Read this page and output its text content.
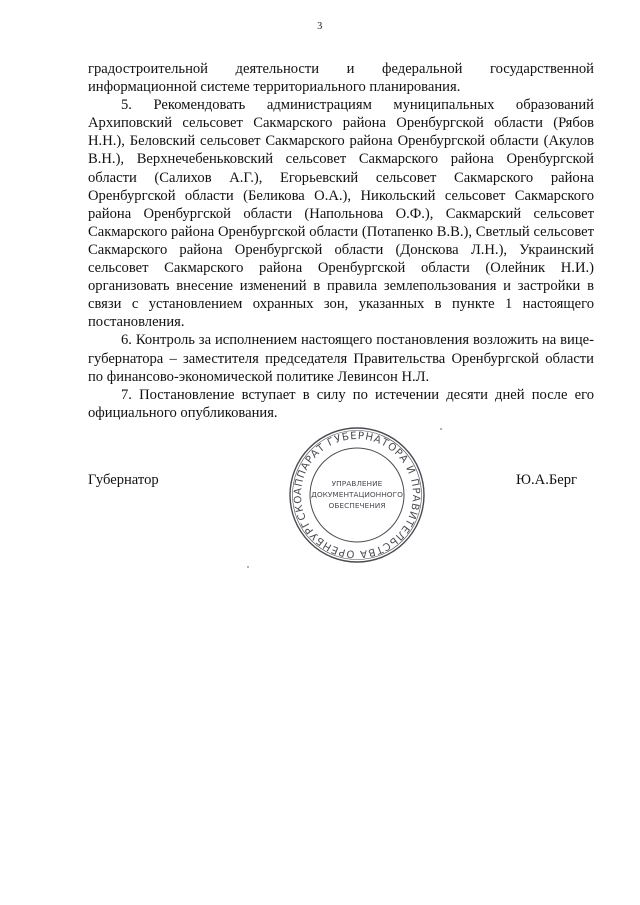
3

градостроительной деятельности и федеральной государственной информационной системе территориального планирования.

5. Рекомендовать администрациям муниципальных образований Архиповский сельсовет Сакмарского района Оренбургской области (Рябов Н.Н.), Беловский сельсовет Сакмарского района Оренбургской области (Акулов В.Н.), Верхнечебеньковский сельсовет Сакмарского района Оренбургской области (Салихов А.Г.), Егорьевский сельсовет Сакмарского района Оренбургской области (Беликова О.А.), Никольский сельсовет Сакмарского района Оренбургской области (Напольнова О.Ф.), Сакмарский сельсовет Сакмарского района Оренбургской области (Потапенко В.В.), Светлый сельсовет Сакмарского района Оренбургской области (Донскова Л.Н.), Украинский сельсовет Сакмарского района Оренбургской области (Олейник Н.И.) организовать внесение изменений в правила землепользования и застройки в связи с установлением охранных зон, указанных в пункте 1 настоящего постановления.

6. Контроль за исполнением настоящего постановления возложить на вице-губернатора – заместителя председателя Правительства Оренбургской области по финансово-экономической политике Левинсон Н.Л.

7. Постановление вступает в силу по истечении десяти дней после его официального опубликования.

Губернатор	Ю.А.Берг
АППАРАТ ГУБЕРНАТОРА И ПРАВИТЕЛЬСТВА ОРЕНБУРГСКО
УПРАВЛЕНИЕ
ДОКУМЕНТАЦИОННОГО
ОБЕСПЕЧЕНИЯ
